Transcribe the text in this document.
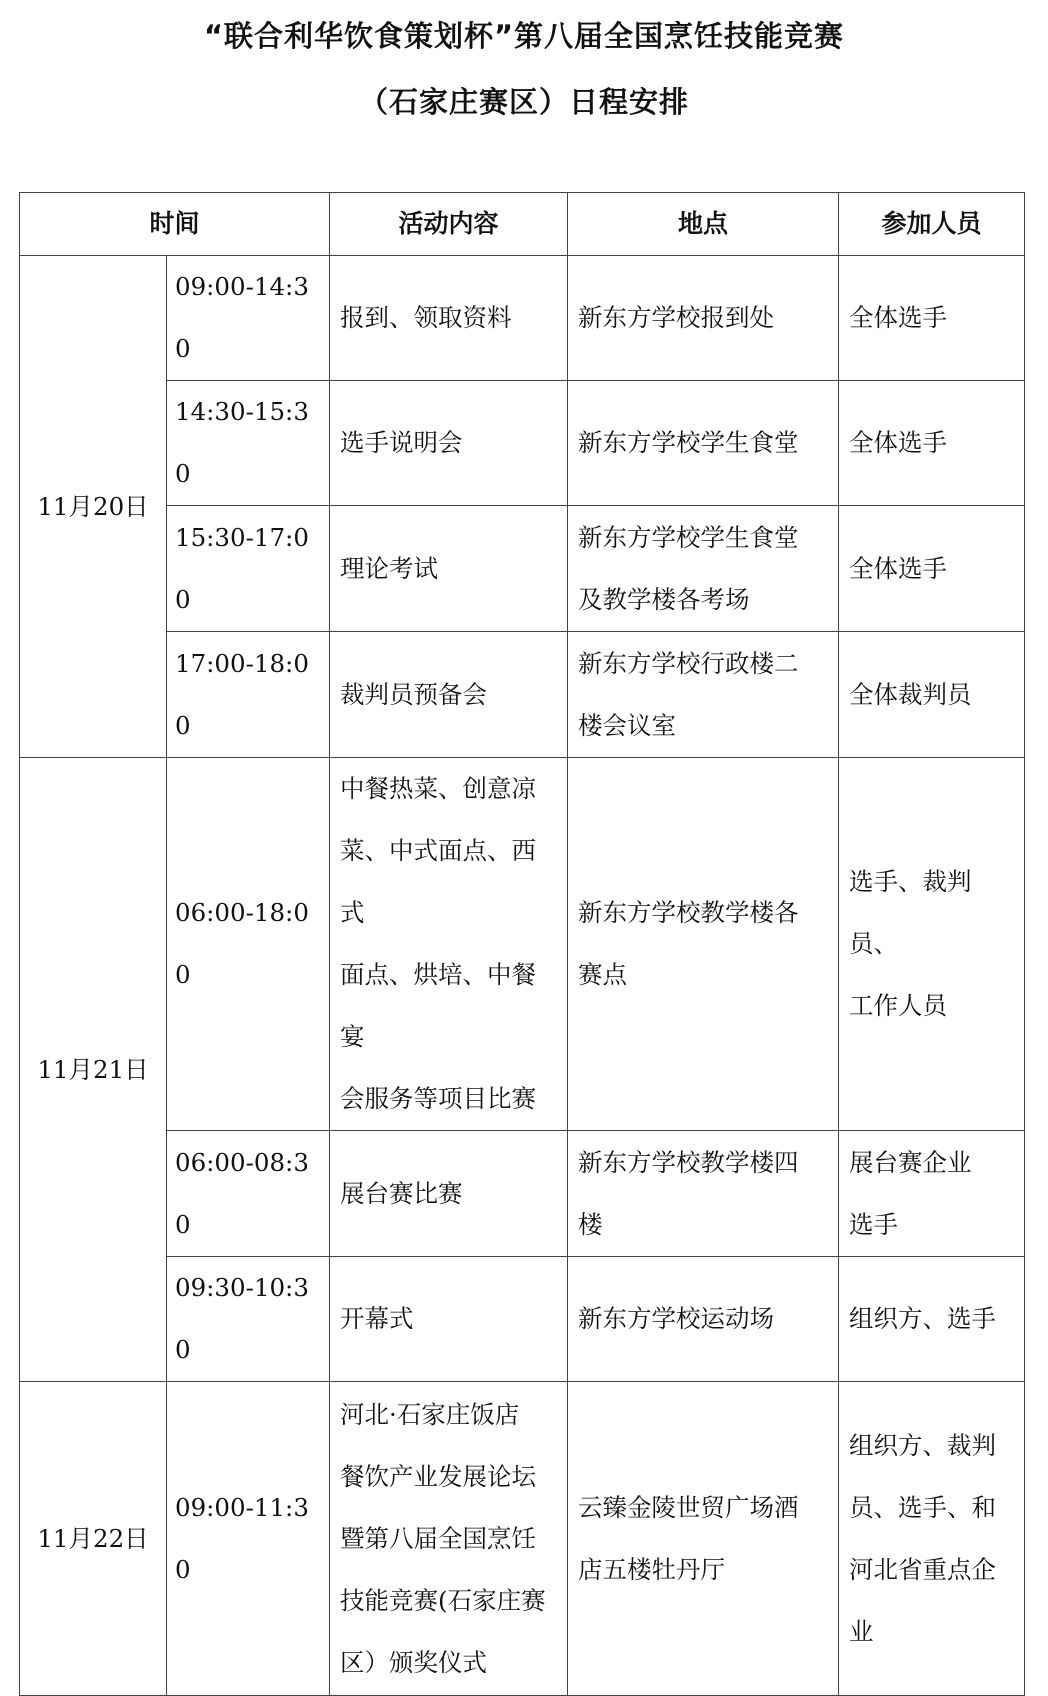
“联合利华饮食策划杯”第八届全国烹饪技能竞赛
（石家庄赛区）日程安排
时间		活动内容	地点	参加人员
11月20日	09:00-14:30	报到、领取资料	新东方学校报到处	全体选手

	14:30-15:30	选手说明会	新东方学校学生食堂	全体选手

	15:30-17:00	理论考试	新东方学校学生食堂
及教学楼各考场	全体选手

	17:00-18:00	裁判员预备会	新东方学校行政楼二
楼会议室	全体裁判员

11月21日	06:00-18:00	中餐热菜、创意凉
菜、中式面点、西式
面点、烘培、中餐宴
会服务等项目比赛	新东方学校教学楼各
赛点	选手、裁判员、
工作人员

	06:00-08:30	展台赛比赛	新东方学校教学楼四
楼	展台赛企业
选手

	09:30-10:30	开幕式	新东方学校运动场	组织方、选手

11月22日	09:00-11:30	河北·石家庄饭店
餐饮产业发展论坛
暨第八届全国烹饪
技能竞赛(石家庄赛
区）颁奖仪式	云臻金陵世贸广场酒
店五楼牡丹厅	组织方、裁判
员、选手、和
河北省重点企
业
